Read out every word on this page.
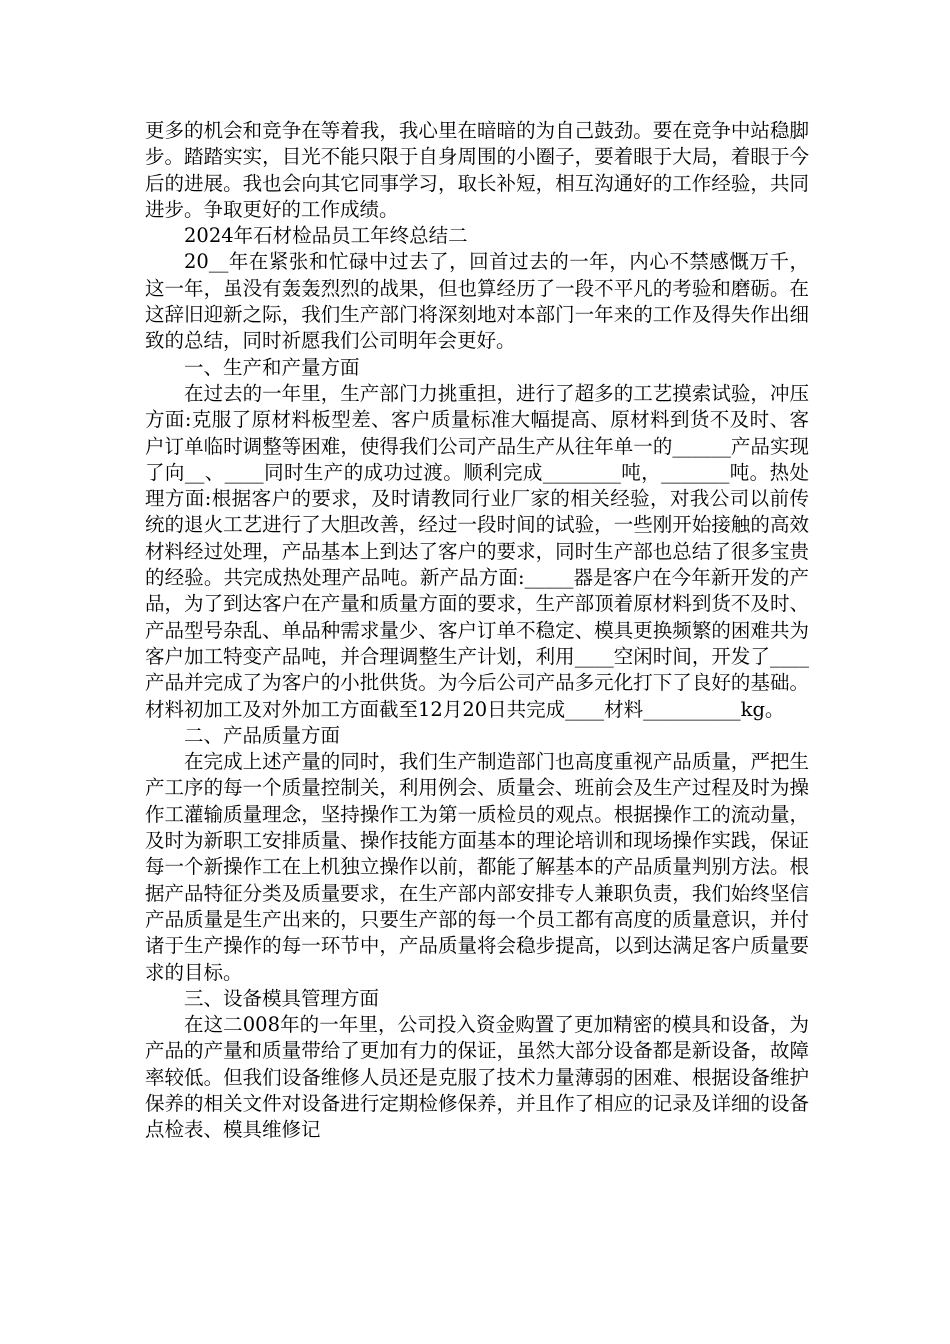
更多的机会和竞争在等着我，我心里在暗暗的为自己鼓劲。要在竞争中站稳脚步。踏踏实实，目光不能只限于自身周围的小圈子，要着眼于大局，着眼于今后的进展。我也会向其它同事学习，取长补短，相互沟通好的工作经验，共同进步。争取更好的工作成绩。

2024年石材检品员工年终总结二

20__年在紧张和忙碌中过去了，回首过去的一年，内心不禁感慨万千，这一年，虽没有轰轰烈烈的战果，但也算经历了一段不平凡的考验和磨砺。在这辞旧迎新之际，我们生产部门将深刻地对本部门一年来的工作及得失作出细致的总结，同时祈愿我们公司明年会更好。

一、生产和产量方面

在过去的一年里，生产部门力挑重担，进行了超多的工艺摸索试验，冲压方面:克服了原材料板型差、客户质量标准大幅提高、原材料到货不及时、客户订单临时调整等困难，使得我们公司产品生产从往年单一的______产品实现了向__、____同时生产的成功过渡。顺利完成________吨，_______吨。热处理方面:根据客户的要求，及时请教同行业厂家的相关经验，对我公司以前传统的退火工艺进行了大胆改善，经过一段时间的试验，一些刚开始接触的高效材料经过处理，产品基本上到达了客户的要求，同时生产部也总结了很多宝贵的经验。共完成热处理产品吨。新产品方面:_____器是客户在今年新开发的产品，为了到达客户在产量和质量方面的要求，生产部顶着原材料到货不及时、产品型号杂乱、单品种需求量少、客户订单不稳定、模具更换频繁的困难共为客户加工特变产品吨，并合理调整生产计划，利用____空闲时间，开发了____产品并完成了为客户的小批供货。为今后公司产品多元化打下了良好的基础。材料初加工及对外加工方面截至12月20日共完成____材料__________kg。

二、产品质量方面

在完成上述产量的同时，我们生产制造部门也高度重视产品质量，严把生产工序的每一个质量控制关，利用例会、质量会、班前会及生产过程及时为操作工灌输质量理念，坚持操作工为第一质检员的观点。根据操作工的流动量，及时为新职工安排质量、操作技能方面基本的理论培训和现场操作实践，保证每一个新操作工在上机独立操作以前，都能了解基本的产品质量判别方法。根据产品特征分类及质量要求，在生产部内部安排专人兼职负责，我们始终坚信产品质量是生产出来的，只要生产部的每一个员工都有高度的质量意识，并付诸于生产操作的每一环节中，产品质量将会稳步提高，以到达满足客户质量要求的目标。

三、设备模具管理方面

在这二008年的一年里，公司投入资金购置了更加精密的模具和设备，为产品的产量和质量带给了更加有力的保证，虽然大部分设备都是新设备，故障率较低。但我们设备维修人员还是克服了技术力量薄弱的困难、根据设备维护保养的相关文件对设备进行定期检修保养，并且作了相应的记录及详细的设备点检表、模具维修记
